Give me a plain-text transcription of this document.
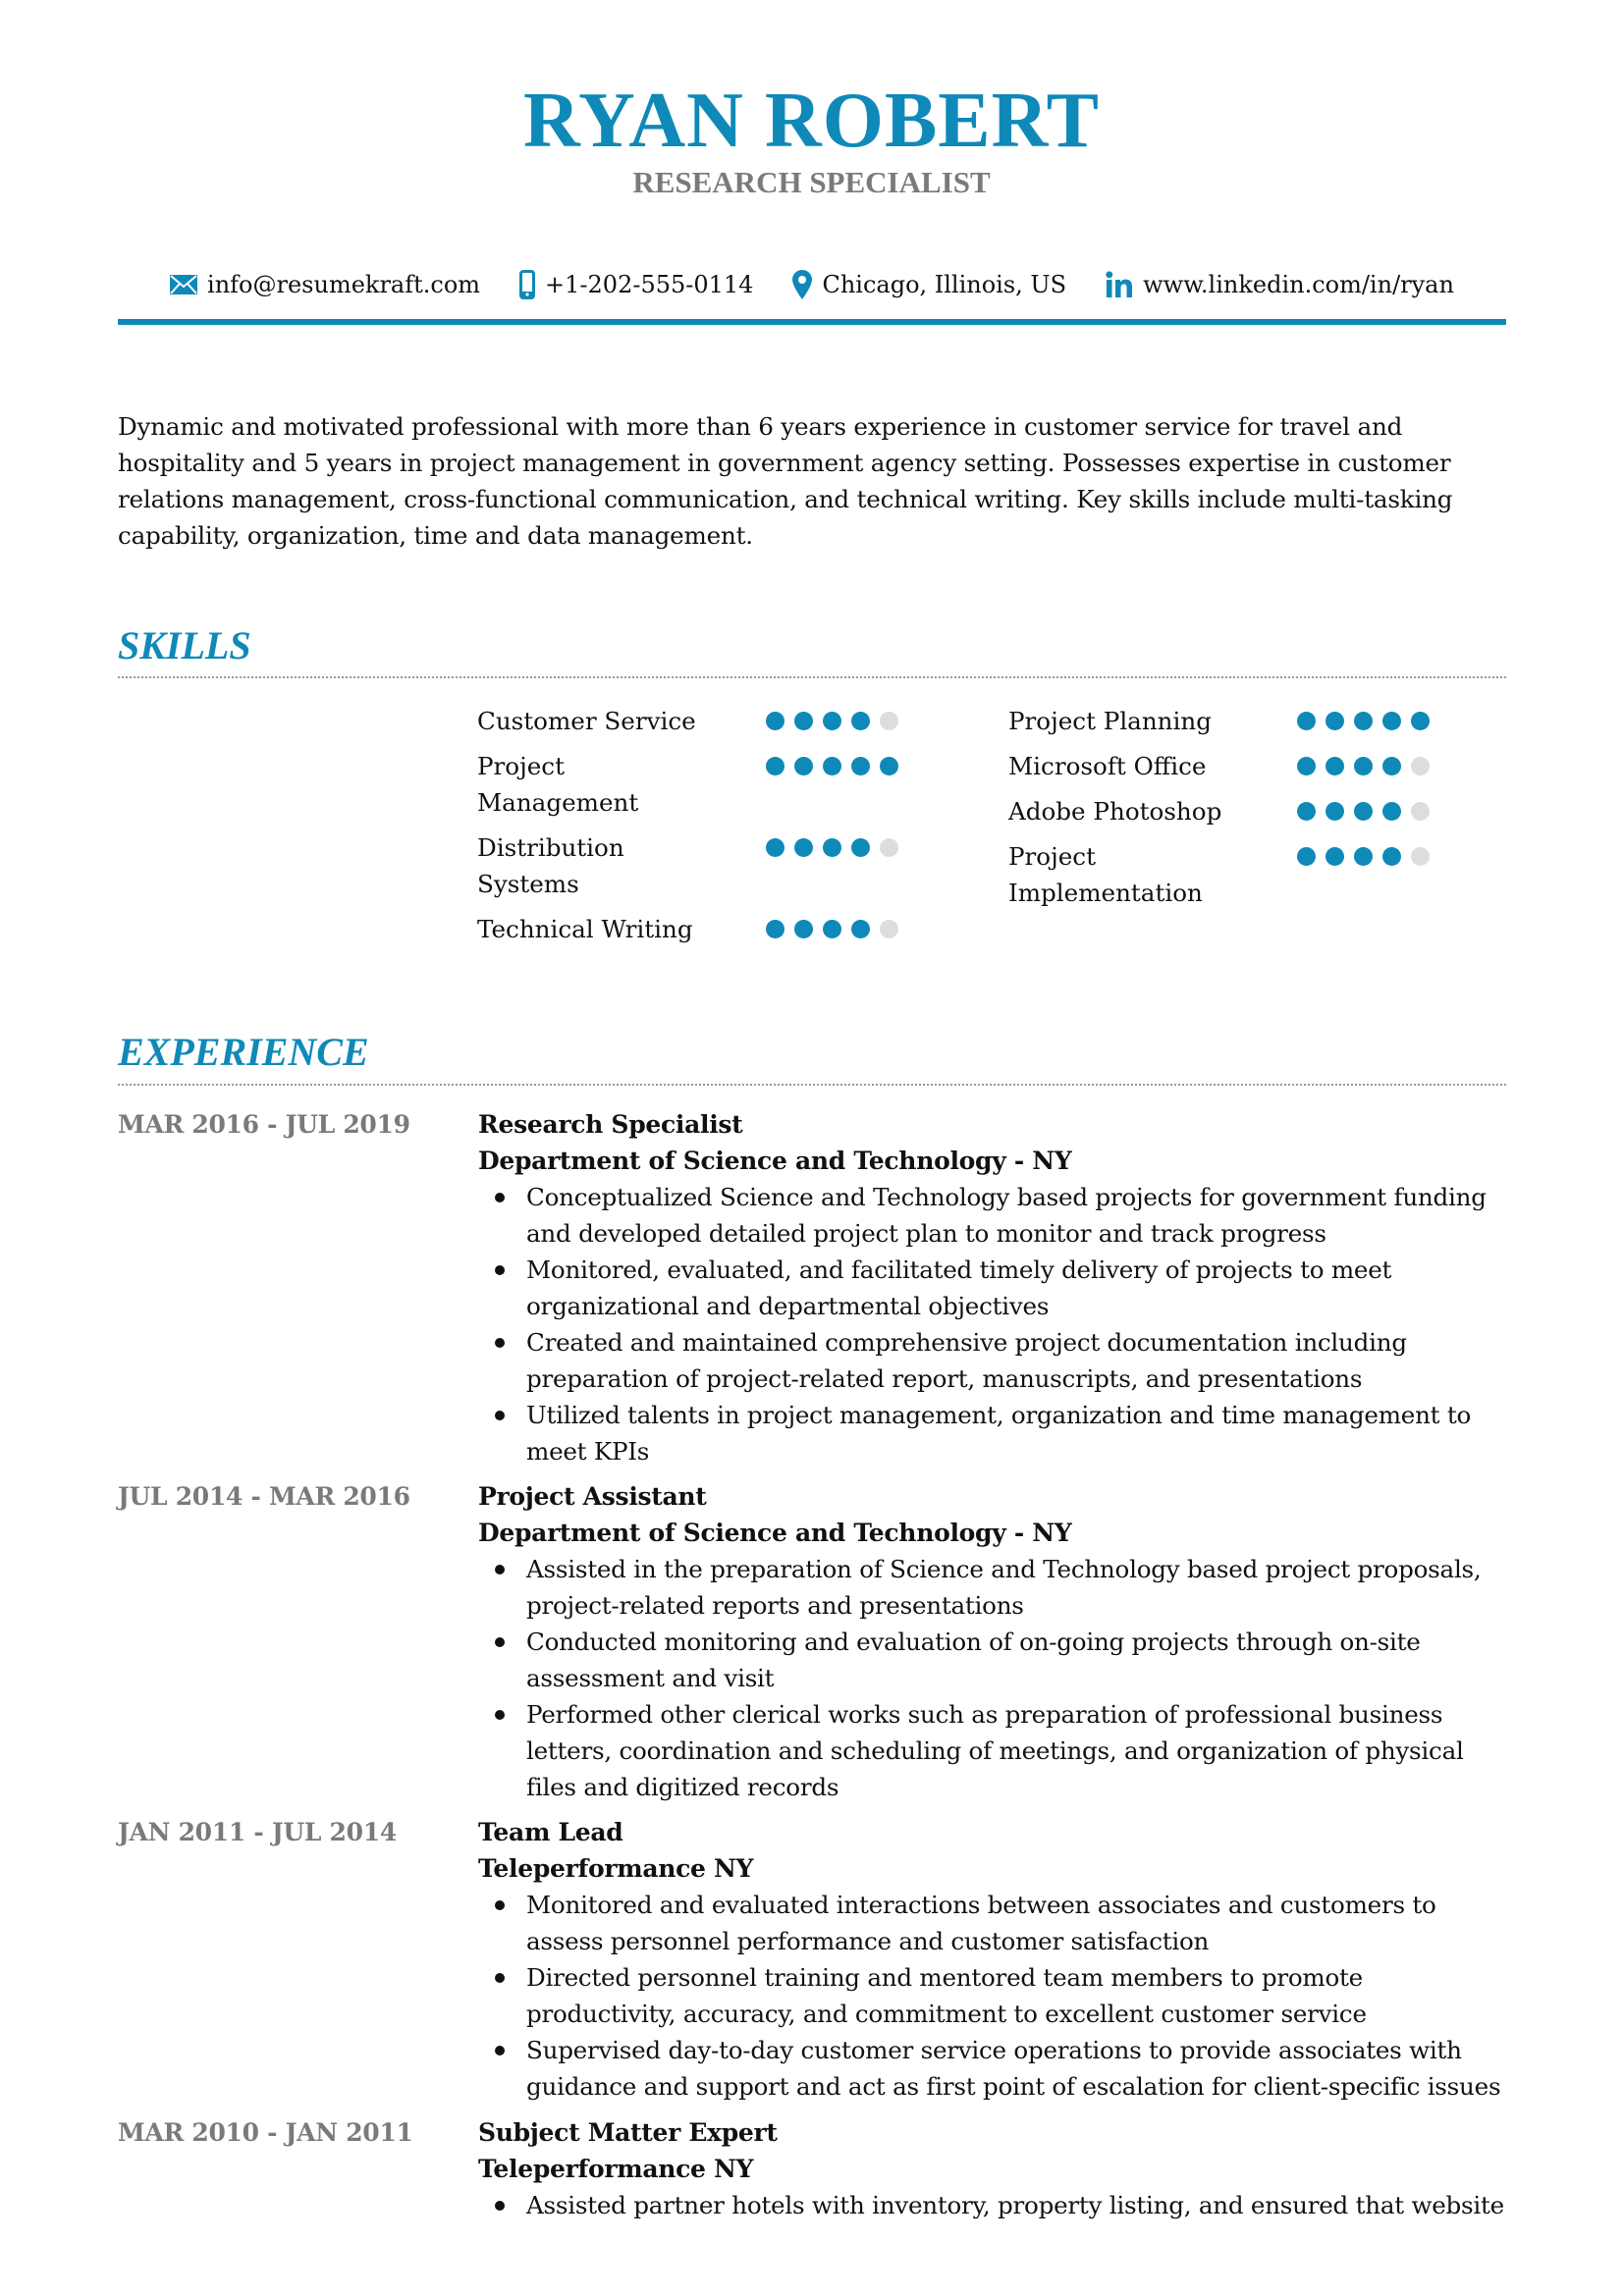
RYAN ROBERT
RESEARCH SPECIALIST
info@resumekraft.com	+1-202-555-0114	Chicago, Illinois, US	www.linkedin.com/in/ryan

Dynamic and motivated professional with more than 6 years experience in customer service for travel and hospitality and 5 years in project management in government agency setting. Possesses expertise in customer relations management, cross-functional communication, and technical writing. Key skills include multi-tasking capability, organization, time and data management.

SKILLS
Customer Service
Project Management
Distribution Systems
Technical Writing
Project Planning
Microsoft Office
Adobe Photoshop
Project Implementation
EXPERIENCE
MAR 2016 - JUL 2019	Research Specialist
Department of Science and Technology - NY
Conceptualized Science and Technology based projects for government funding and developed detailed project plan to monitor and track progress
Monitored, evaluated, and facilitated timely delivery of projects to meet organizational and departmental objectives
Created and maintained comprehensive project documentation including preparation of project-related report, manuscripts, and presentations
Utilized talents in project management, organization and time management to meet KPIs
JUL 2014 - MAR 2016	Project Assistant
Department of Science and Technology - NY
Assisted in the preparation of Science and Technology based project proposals, project-related reports and presentations
Conducted monitoring and evaluation of on-going projects through on-site assessment and visit
Performed other clerical works such as preparation of professional business letters, coordination and scheduling of meetings, and organization of physical files and digitized records
JAN 2011 - JUL 2014	Team Lead
Teleperformance NY
Monitored and evaluated interactions between associates and customers to assess personnel performance and customer satisfaction
Directed personnel training and mentored team members to promote productivity, accuracy, and commitment to excellent customer service
Supervised day-to-day customer service operations to provide associates with guidance and support and act as first point of escalation for client-specific issues
MAR 2010 - JAN 2011	Subject Matter Expert
Teleperformance NY
Assisted partner hotels with inventory, property listing, and ensured that website
